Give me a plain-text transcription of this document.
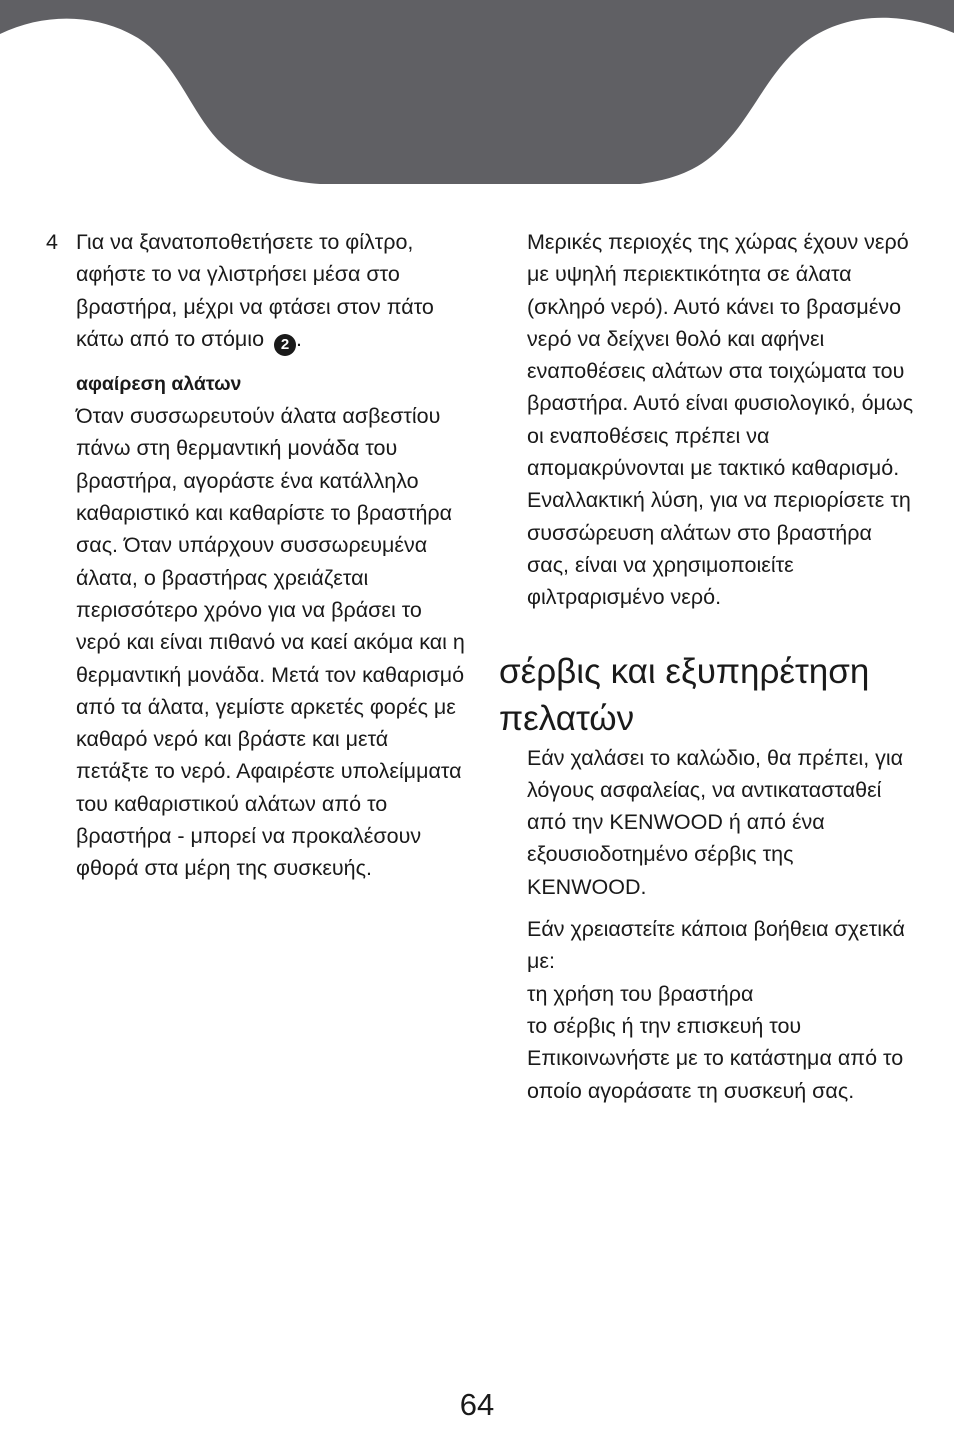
4 Για να ξανατοποθετήσετε το φίλτρο, αφήστε το να γλιστρήσει μέσα στο βραστήρα, μέχρι να φτάσει στον πάτο κάτω από το στόμιο 2 .

αφαίρεση αλάτων

Όταν συσσωρευτούν άλατα ασβεστίου πάνω στη θερμαντική μονάδα του βραστήρα, αγοράστε ένα κατάλληλο καθαριστικό και καθαρίστε το βραστήρα σας. Όταν υπάρχουν συσσωρευμένα άλατα, ο βραστήρας χρειάζεται περισσότερο χρόνο για να βράσει το νερό και είναι πιθανό να καεί ακόμα και η θερμαντική μονάδα. Μετά τον καθαρισμό από τα άλατα, γεμίστε αρκετές φορές με καθαρό νερό και βράστε και μετά πετάξτε το νερό. Αφαιρέστε υπολείμματα του καθαριστικού αλάτων από το βραστήρα - μπορεί να προκαλέσουν φθορά στα μέρη της συσκευής.

Μερικές περιοχές της χώρας έχουν νερό με υψηλή περιεκτικότητα σε άλατα (σκληρό νερό). Αυτό κάνει το βρασμένο νερό να δείχνει θολό και αφήνει εναποθέσεις αλάτων στα τοιχώματα του βραστήρα. Αυτό είναι φυσιολογικό, όμως οι εναποθέσεις πρέπει να απομακρύνονται με τακτικό καθαρισμό.

Εναλλακτική λύση, για να περιορίσετε τη συσσώρευση αλάτων στο βραστήρα σας, είναι να χρησιμοποιείτε φιλτραρισμένο νερό.

σέρβις και εξυπηρέτηση πελατών

Εάν χαλάσει το καλώδιο, θα πρέπει, για λόγους ασφαλείας, να αντικατασταθεί από την KENWOOD ή από ένα εξουσιοδοτημένο σέρβις της KENWOOD.

Εάν χρειαστείτε κάποια βοήθεια σχετικά με:

τη χρήση του βραστήρα

το σέρβις ή την επισκευή του

Επικοινωνήστε με το κατάστημα από το οποίο αγοράσατε τη συσκευή σας.

64
